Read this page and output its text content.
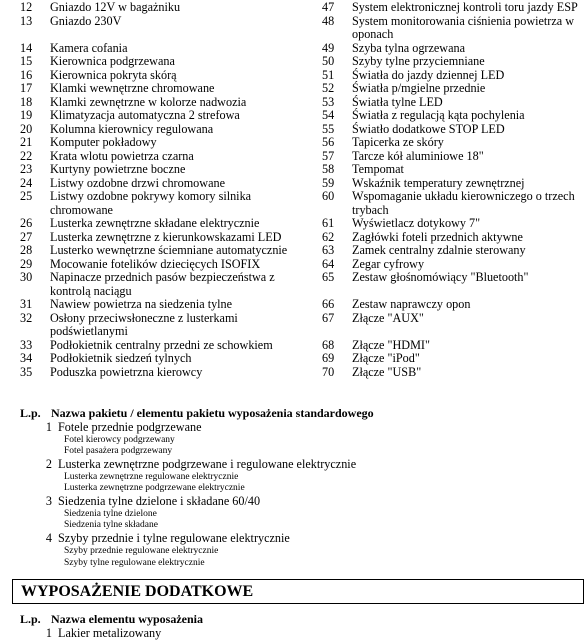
12	Gniazdo 12V w bagażniku
13	Gniazdo 230V

14	Kamera cofania
15	Kierownica podgrzewana
16	Kierownica pokryta skórą
17	Klamki wewnętrzne chromowane
18	Klamki zewnętrzne w kolorze nadwozia
19	Klimatyzacja automatyczna 2 strefowa
20	Kolumna kierownicy regulowana
21	Komputer pokładowy
22	Krata wlotu powietrza czarna
23	Kurtyny powietrzne boczne
24	Listwy ozdobne drzwi chromowane
25	Listwy ozdobne pokrywy komory silnika
chromowane
26	Lusterka zewnętrzne składane elektrycznie
27	Lusterka zewnętrzne z kierunkowskazami LED
28	Lusterko wewnętrzne ściemniane automatycznie
29	Mocowanie fotelików dziecięcych ISOFIX
30	Napinacze przednich pasów bezpieczeństwa z
kontrolą naciągu
31	Nawiew powietrza na siedzenia tylne
32	Osłony przeciwsłoneczne z lusterkami
podświetlanymi
33	Podłokietnik centralny przedni ze schowkiem
34	Podłokietnik siedzeń tylnych
35	Poduszka powietrzna kierowcy
47	System elektronicznej kontroli toru jazdy ESP
48	System monitorowania ciśnienia powietrza w
oponach
49	Szyba tylna ogrzewana
50	Szyby tylne przyciemniane
51	Światła do jazdy dziennej LED
52	Światła p/mgielne przednie
53	Światła tylne LED
54	Światła z regulacją kąta pochylenia
55	Światło dodatkowe STOP LED
56	Tapicerka ze skóry
57	Tarcze kół aluminiowe 18"
58	Tempomat
59	Wskaźnik temperatury zewnętrznej
60	Wspomaganie układu kierowniczego o trzech
trybach
61	Wyświetlacz dotykowy 7"
62	Zagłówki foteli przednich aktywne
63	Zamek centralny zdalnie sterowany
64	Zegar cyfrowy
65	Zestaw głośnomówiący "Bluetooth"

66	Zestaw naprawczy opon
67	Złącze "AUX"

68	Złącze "HDMI"
69	Złącze "iPod"
70	Złącze "USB"
L.p. Nazwa pakietu / elementu pakietu wyposażenia standardowego
1 Fotele przednie podgrzewane
Fotel kierowcy podgrzewany
Fotel pasażera podgrzewany
2 Lusterka zewnętrzne podgrzewane i regulowane elektrycznie
Lusterka zewnętrzne regulowane elektrycznie
Lusterka zewnętrzne podgrzewane elektrycznie
3 Siedzenia tylne dzielone i składane 60/40
Siedzenia tylne dzielone
Siedzenia tylne składane
4 Szyby przednie i tylne regulowane elektrycznie
Szyby przednie regulowane elektrycznie
Szyby tylne regulowane elektrycznie
WYPOSAŻENIE DODATKOWE
L.p. Nazwa elementu wyposażenia
1 Lakier metalizowany
